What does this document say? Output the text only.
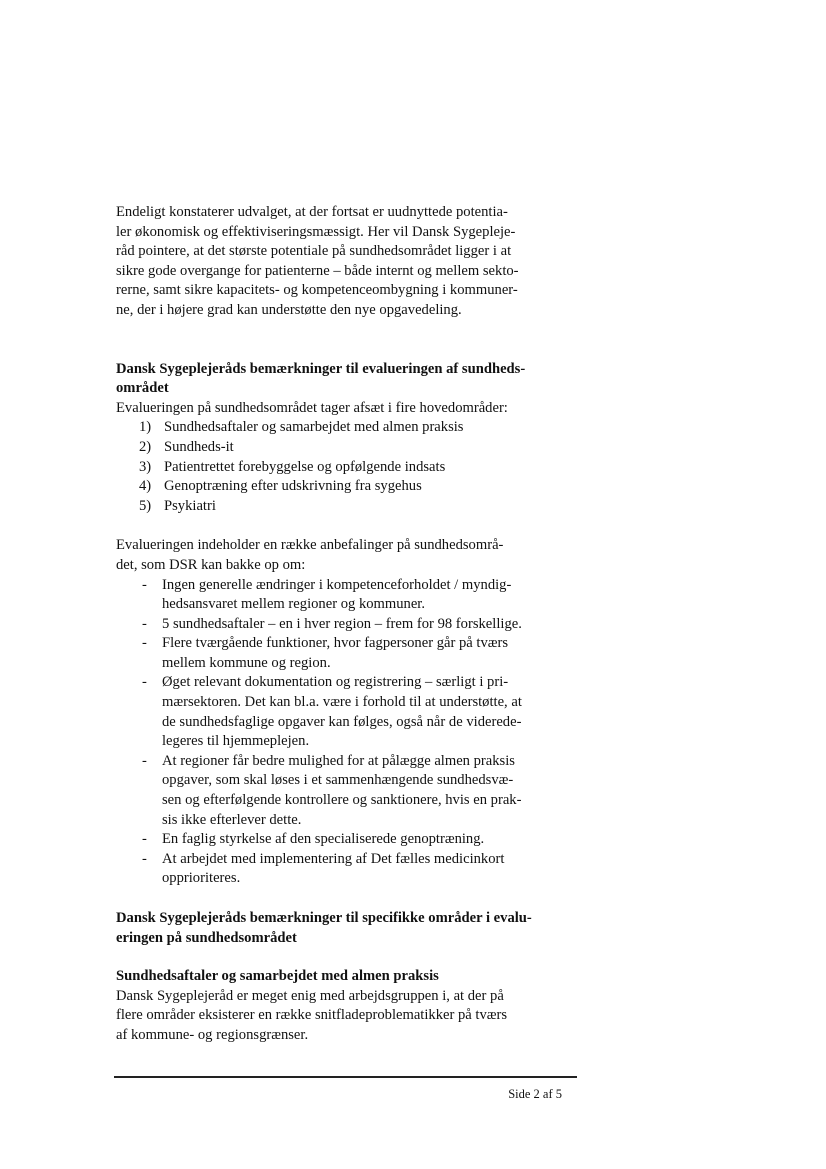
Endeligt konstaterer udvalget, at der fortsat er uudnyttede potentia-
ler økonomisk og effektiviseringsmæssigt. Her vil Dansk Sygepleje-
råd pointere, at det største potentiale på sundhedsområdet ligger i at
sikre gode overgange for patienterne – både internt og mellem sekto-
rerne, samt sikre kapacitets- og kompetenceombygning i kommuner-
ne, der i højere grad kan understøtte den nye opgavedeling.
Dansk Sygeplejeråds bemærkninger til evalueringen af sundheds-
området
Evalueringen på sundhedsområdet tager afsæt i fire hovedområder:
1) Sundhedsaftaler og samarbejdet med almen praksis
2) Sundheds-it
3) Patientrettet forebyggelse og opfølgende indsats
4) Genoptræning efter udskrivning fra sygehus
5) Psykiatri
Evalueringen indeholder en række anbefalinger på sundhedsområ-
det, som DSR kan bakke op om:
- Ingen generelle ændringer i kompetenceforholdet / myndig-
hedsansvaret mellem regioner og kommuner.
- 5 sundhedsaftaler – en i hver region – frem for 98 forskellige.
- Flere tværgående funktioner, hvor fagpersoner går på tværs
mellem kommune og region.
- Øget relevant dokumentation og registrering – særligt i pri-
mærsektoren. Det kan bl.a. være i forhold til at understøtte, at
de sundhedsfaglige opgaver kan følges, også når de viderede-
legeres til hjemmeplejen.
- At regioner får bedre mulighed for at pålægge almen praksis
opgaver, som skal løses i et sammenhængende sundhedsvæ-
sen og efterfølgende kontrollere og sanktionere, hvis en prak-
sis ikke efterlever dette.
- En faglig styrkelse af den specialiserede genoptræning.
- At arbejdet med implementering af Det fælles medicinkort
opprioriteres.
Dansk Sygeplejeråds bemærkninger til specifikke områder i evalu-
eringen på sundhedsområdet
Sundhedsaftaler og samarbejdet med almen praksis
Dansk Sygeplejeråd er meget enig med arbejdsgruppen i, at der på
flere områder eksisterer en række snitfladeproblematikker på tværs
af kommune- og regionsgrænser.
Side 2 af 5
